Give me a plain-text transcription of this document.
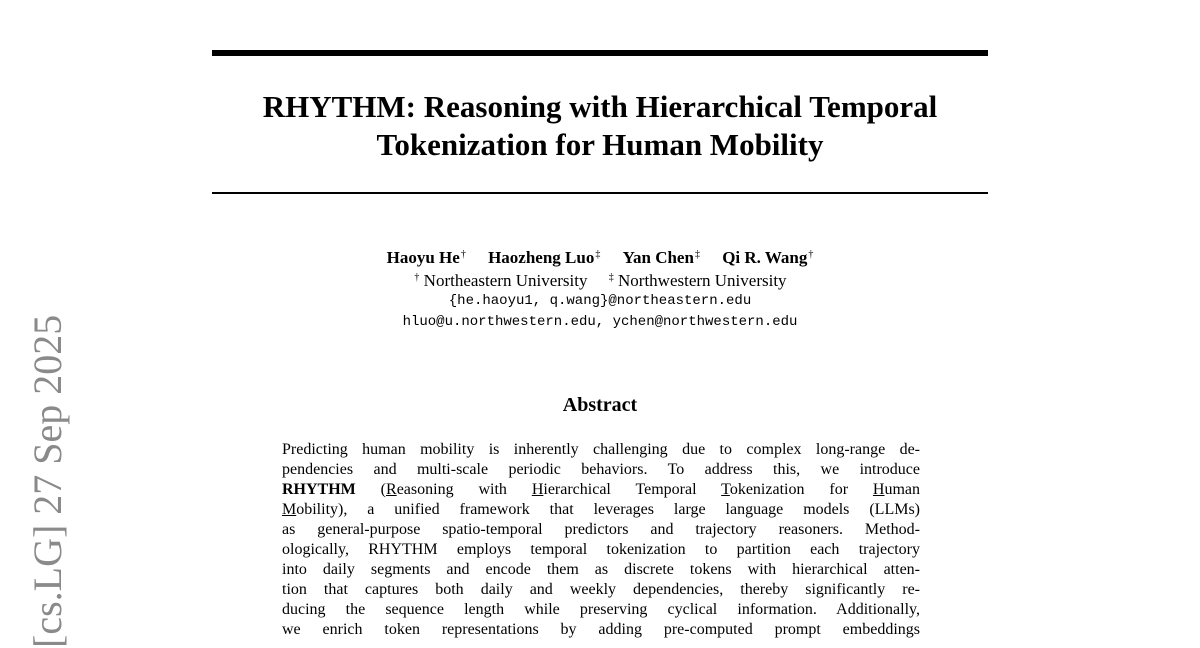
RHYTHM: Reasoning with Hierarchical Temporal
Tokenization for Human Mobility
Haoyu He† Haozheng Luo‡ Yan Chen‡ Qi R. Wang†
† Northeastern University ‡ Northwestern University
{he.haoyu1, q.wang}@northeastern.edu
hluo@u.northwestern.edu, ychen@northwestern.edu
Abstract
Predicting human mobility is inherently challenging due to complex long-range de-
pendencies and multi-scale periodic behaviors. To address this, we introduce
RHYTHM (Reasoning with Hierarchical Temporal Tokenization for Human
Mobility), a unified framework that leverages large language models (LLMs)
as general-purpose spatio-temporal predictors and trajectory reasoners. Method-
ologically, RHYTHM employs temporal tokenization to partition each trajectory
into daily segments and encode them as discrete tokens with hierarchical atten-
tion that captures both daily and weekly dependencies, thereby significantly re-
ducing the sequence length while preserving cyclical information. Additionally,
we enrich token representations by adding pre-computed prompt embeddings
[cs.LG] 27 Sep 2025
